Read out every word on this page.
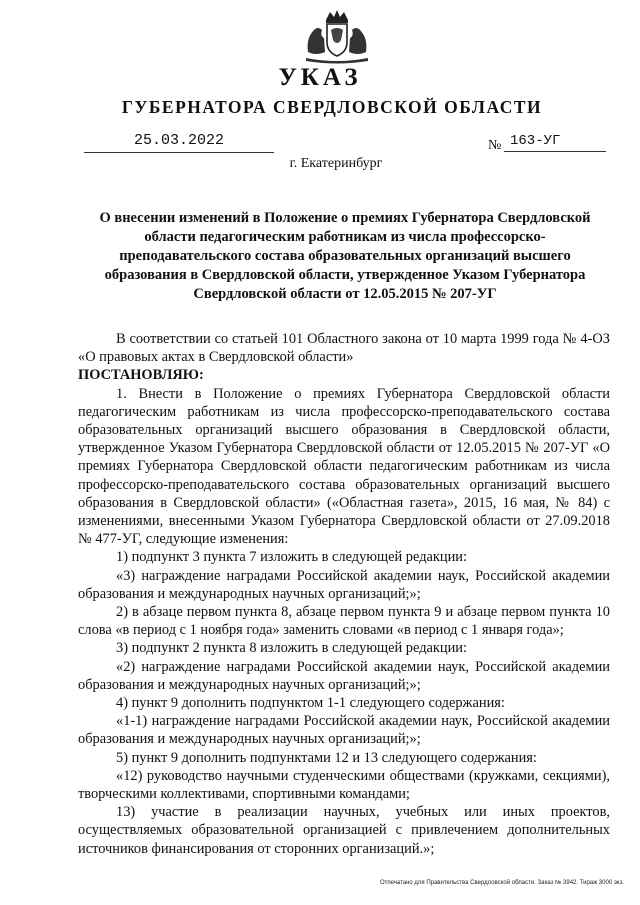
УКАЗ
ГУБЕРНАТОРА СВЕРДЛОВСКОЙ ОБЛАСТИ
25.03.2022	№ 163-УГ
г. Екатеринбург
О внесении изменений в Положение о премиях Губернатора Свердловской области педагогическим работникам из числа профессорско-преподавательского состава образовательных организаций высшего образования в Свердловской области, утвержденное Указом Губернатора Свердловской области от 12.05.2015 № 207-УГ

В соответствии со статьей 101 Областного закона от 10 марта 1999 года № 4-ОЗ «О правовых актах в Свердловской области»

ПОСТАНОВЛЯЮ:

1. Внести в Положение о премиях Губернатора Свердловской области педагогическим работникам из числа профессорско-преподавательского состава образовательных организаций высшего образования в Свердловской области, утвержденное Указом Губернатора Свердловской области от 12.05.2015 № 207-УГ «О премиях Губернатора Свердловской области педагогическим работникам из числа профессорско-преподавательского состава образовательных организаций высшего образования в Свердловской области» («Областная газета», 2015, 16 мая, № 84) с изменениями, внесенными Указом Губернатора Свердловской области от 27.09.2018 № 477-УГ, следующие изменения:

1) подпункт 3 пункта 7 изложить в следующей редакции:

«3) награждение наградами Российской академии наук, Российской академии образования и международных научных организаций;»;

2) в абзаце первом пункта 8, абзаце первом пункта 9 и абзаце первом пункта 10 слова «в период с 1 ноября года» заменить словами «в период с 1 января года»;

3) подпункт 2 пункта 8 изложить в следующей редакции:

«2) награждение наградами Российской академии наук, Российской академии образования и международных научных организаций;»;

4) пункт 9 дополнить подпунктом 1-1 следующего содержания:

«1-1) награждение наградами Российской академии наук, Российской академии образования и международных научных организаций;»;

5) пункт 9 дополнить подпунктами 12 и 13 следующего содержания:

«12) руководство научными студенческими обществами (кружками, секциями), творческими коллективами, спортивными командами;

13) участие в реализации научных, учебных или иных проектов, осуществляемых образовательной организацией с привлечением дополнительных источников финансирования от сторонних организаций.»;

Отпечатано для Правительства Свердловской области. Заказ № 3942. Тираж 3000 экз.
